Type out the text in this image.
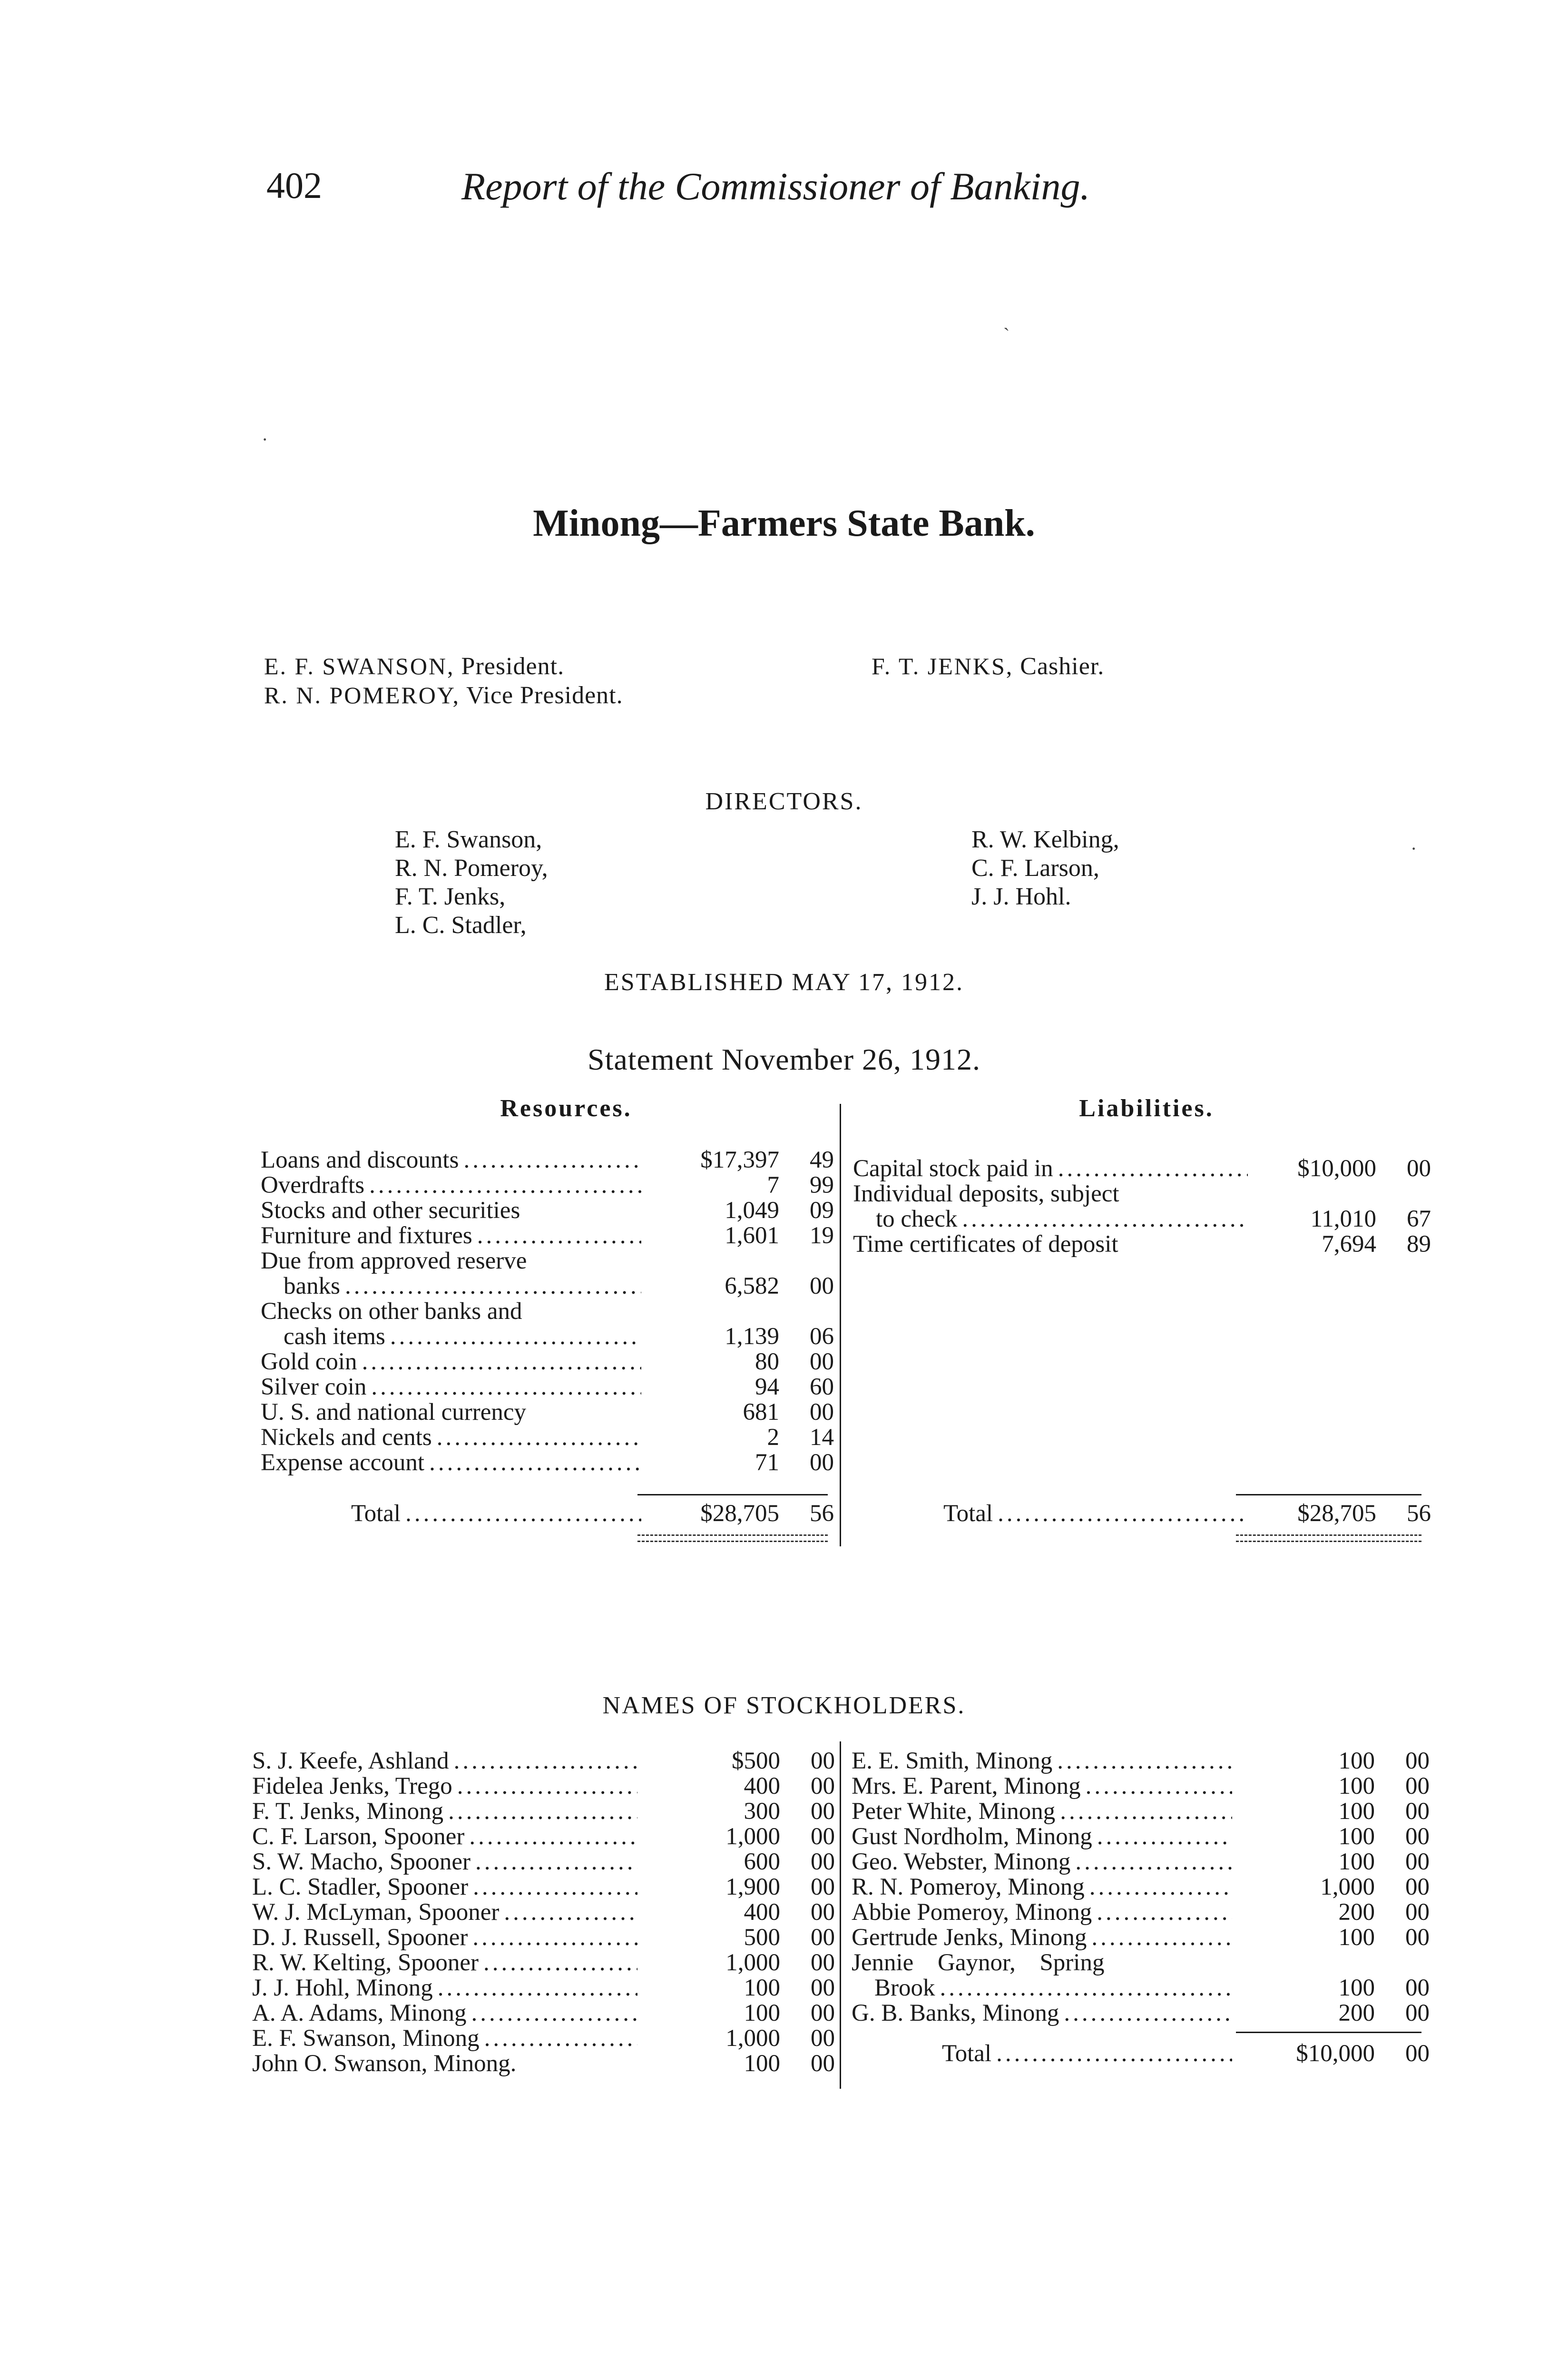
402	Report of the Commissioner of Banking.
Minong—Farmers State Bank.
E. F. SWANSON, President.
R. N. POMEROY, Vice President.
F. T. JENKS, Cashier.
DIRECTORS.
E. F. Swanson,
R. N. Pomeroy,
F. T. Jenks,
L. C. Stadler,
R. W. Kelbing,
C. F. Larson,
J. J. Hohl.
ESTABLISHED MAY 17, 1912.
Statement November 26, 1912.
Resources.	Liabilities.
Loans and discounts .....	$17,397	49
Overdrafts .....	7	99
Stocks and other securities	1,049	09
Furniture and fixtures .....	1,601	19
Due from approved reserve
banks .....	6,582	00
Checks on other banks and
cash items .....	1,139	06
Gold coin .....	80	00
Silver coin .....	94	60
U. S. and national currency	681	00
Nickels and cents .....	2	14
Expense account .....	71	00
Total .....	$28,705	56
Capital stock paid in .....	$10,000	00
Individual deposits, subject
to check .....	11,010	67
Time certificates of deposit	7,694	89
Total .....	$28,705	56
NAMES OF STOCKHOLDERS.
S. J. Keefe, Ashland .....	$500	00
Fidelea Jenks, Trego .....	400	00
F. T. Jenks, Minong .....	300	00
C. F. Larson, Spooner .....	1,000	00
S. W. Macho, Spooner .....	600	00
L. C. Stadler, Spooner .....	1,900	00
W. J. McLyman, Spooner .....	400	00
D. J. Russell, Spooner .....	500	00
R. W. Kelting, Spooner .....	1,000	00
J. J. Hohl, Minong .....	100	00
A. A. Adams, Minong .....	100	00
E. F. Swanson, Minong .....	1,000	00
John O. Swanson, Minong.	100	00
E. E. Smith, Minong .....	100	00
Mrs. E. Parent, Minong .....	100	00
Peter White, Minong .....	100	00
Gust Nordholm, Minong .....	100	00
Geo. Webster, Minong .....	100	00
R. N. Pomeroy, Minong .....	1,000	00
Abbie Pomeroy, Minong .....	200	00
Gertrude Jenks, Minong .....	100	00
Jennie Gaynor, Spring
Brook .....	100	00
G. B. Banks, Minong .....	200	00
Total .....	$10,000	00
ˋ
·
·
